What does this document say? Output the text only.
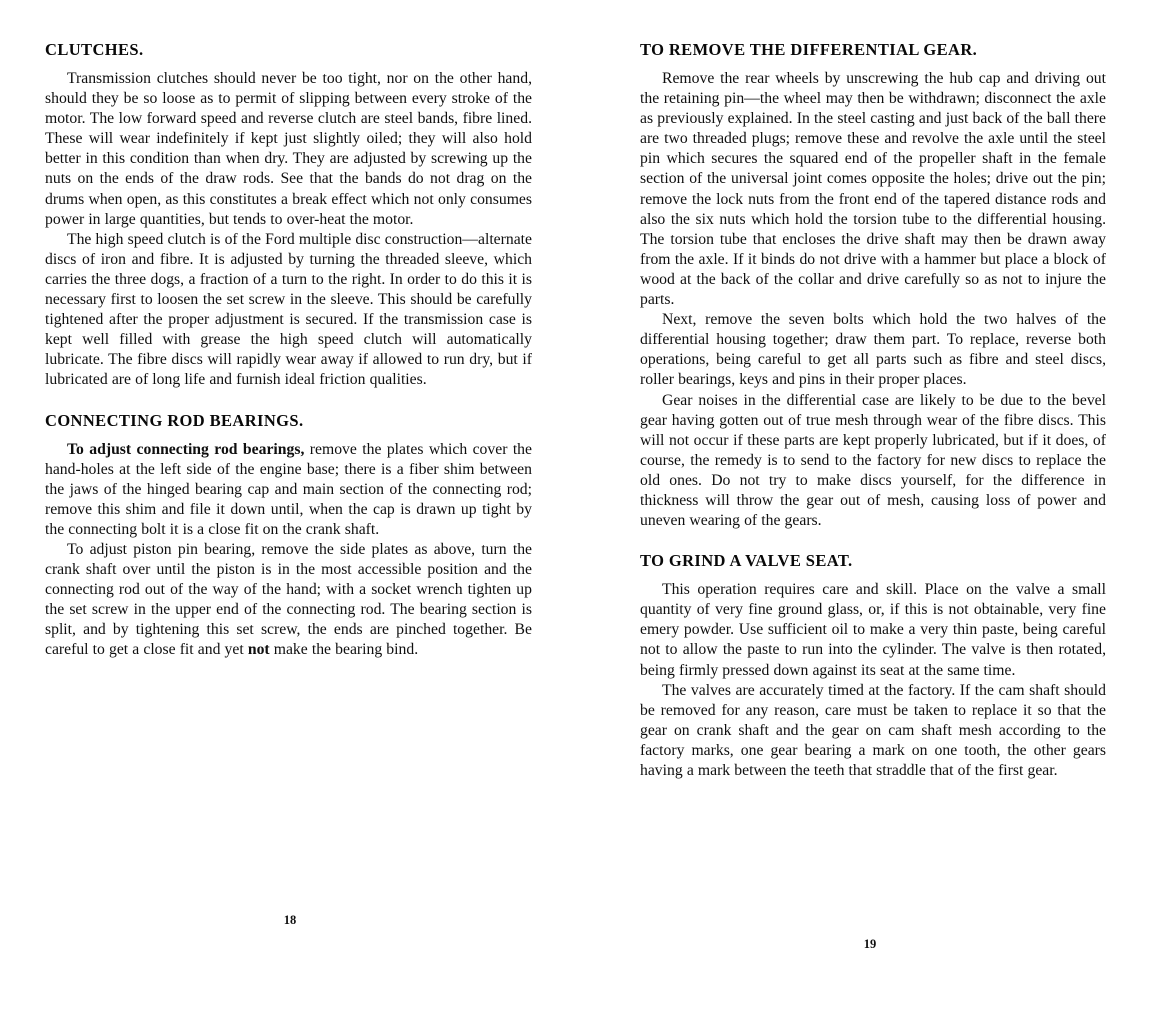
CLUTCHES.

Transmission clutches should never be too tight, nor on the other hand, should they be so loose as to permit of slipping between every stroke of the motor. The low forward speed and reverse clutch are steel bands, fibre lined. These will wear indefinitely if kept just slightly oiled; they will also hold better in this condition than when dry. They are adjusted by screwing up the nuts on the ends of the draw rods. See that the bands do not drag on the drums when open, as this constitutes a break effect which not only consumes power in large quantities, but tends to over-heat the motor.

The high speed clutch is of the Ford multiple disc construction—alternate discs of iron and fibre. It is adjusted by turning the threaded sleeve, which carries the three dogs, a fraction of a turn to the right. In order to do this it is necessary first to loosen the set screw in the sleeve. This should be carefully tightened after the proper adjustment is secured. If the transmission case is kept well filled with grease the high speed clutch will automatically lubricate. The fibre discs will rapidly wear away if allowed to run dry, but if lubricated are of long life and furnish ideal friction qualities.

CONNECTING ROD BEARINGS.

To adjust connecting rod bearings, remove the plates which cover the hand-holes at the left side of the engine base; there is a fiber shim between the jaws of the hinged bearing cap and main section of the connecting rod; remove this shim and file it down until, when the cap is drawn up tight by the connecting bolt it is a close fit on the crank shaft.

To adjust piston pin bearing, remove the side plates as above, turn the crank shaft over until the piston is in the most accessible position and the connecting rod out of the way of the hand; with a socket wrench tighten up the set screw in the upper end of the connecting rod. The bearing section is split, and by tightening this set screw, the ends are pinched together. Be careful to get a close fit and yet not make the bearing bind.

18
TO REMOVE THE DIFFERENTIAL GEAR.

Remove the rear wheels by unscrewing the hub cap and driving out the retaining pin—the wheel may then be withdrawn; disconnect the axle as previously explained. In the steel casting and just back of the ball there are two threaded plugs; remove these and revolve the axle until the steel pin which secures the squared end of the propeller shaft in the female section of the universal joint comes opposite the holes; drive out the pin; remove the lock nuts from the front end of the tapered distance rods and also the six nuts which hold the torsion tube to the differential housing. The torsion tube that encloses the drive shaft may then be drawn away from the axle. If it binds do not drive with a hammer but place a block of wood at the back of the collar and drive carefully so as not to injure the parts.

Next, remove the seven bolts which hold the two halves of the differential housing together; draw them part. To replace, reverse both operations, being careful to get all parts such as fibre and steel discs, roller bearings, keys and pins in their proper places.

Gear noises in the differential case are likely to be due to the bevel gear having gotten out of true mesh through wear of the fibre discs. This will not occur if these parts are kept properly lubricated, but if it does, of course, the remedy is to send to the factory for new discs to replace the old ones. Do not try to make discs yourself, for the difference in thickness will throw the gear out of mesh, causing loss of power and uneven wearing of the gears.

TO GRIND A VALVE SEAT.

This operation requires care and skill. Place on the valve a small quantity of very fine ground glass, or, if this is not obtainable, very fine emery powder. Use sufficient oil to make a very thin paste, being careful not to allow the paste to run into the cylinder. The valve is then rotated, being firmly pressed down against its seat at the same time.

The valves are accurately timed at the factory. If the cam shaft should be removed for any reason, care must be taken to replace it so that the gear on crank shaft and the gear on cam shaft mesh according to the factory marks, one gear bearing a mark on one tooth, the other gears having a mark between the teeth that straddle that of the first gear.

19
